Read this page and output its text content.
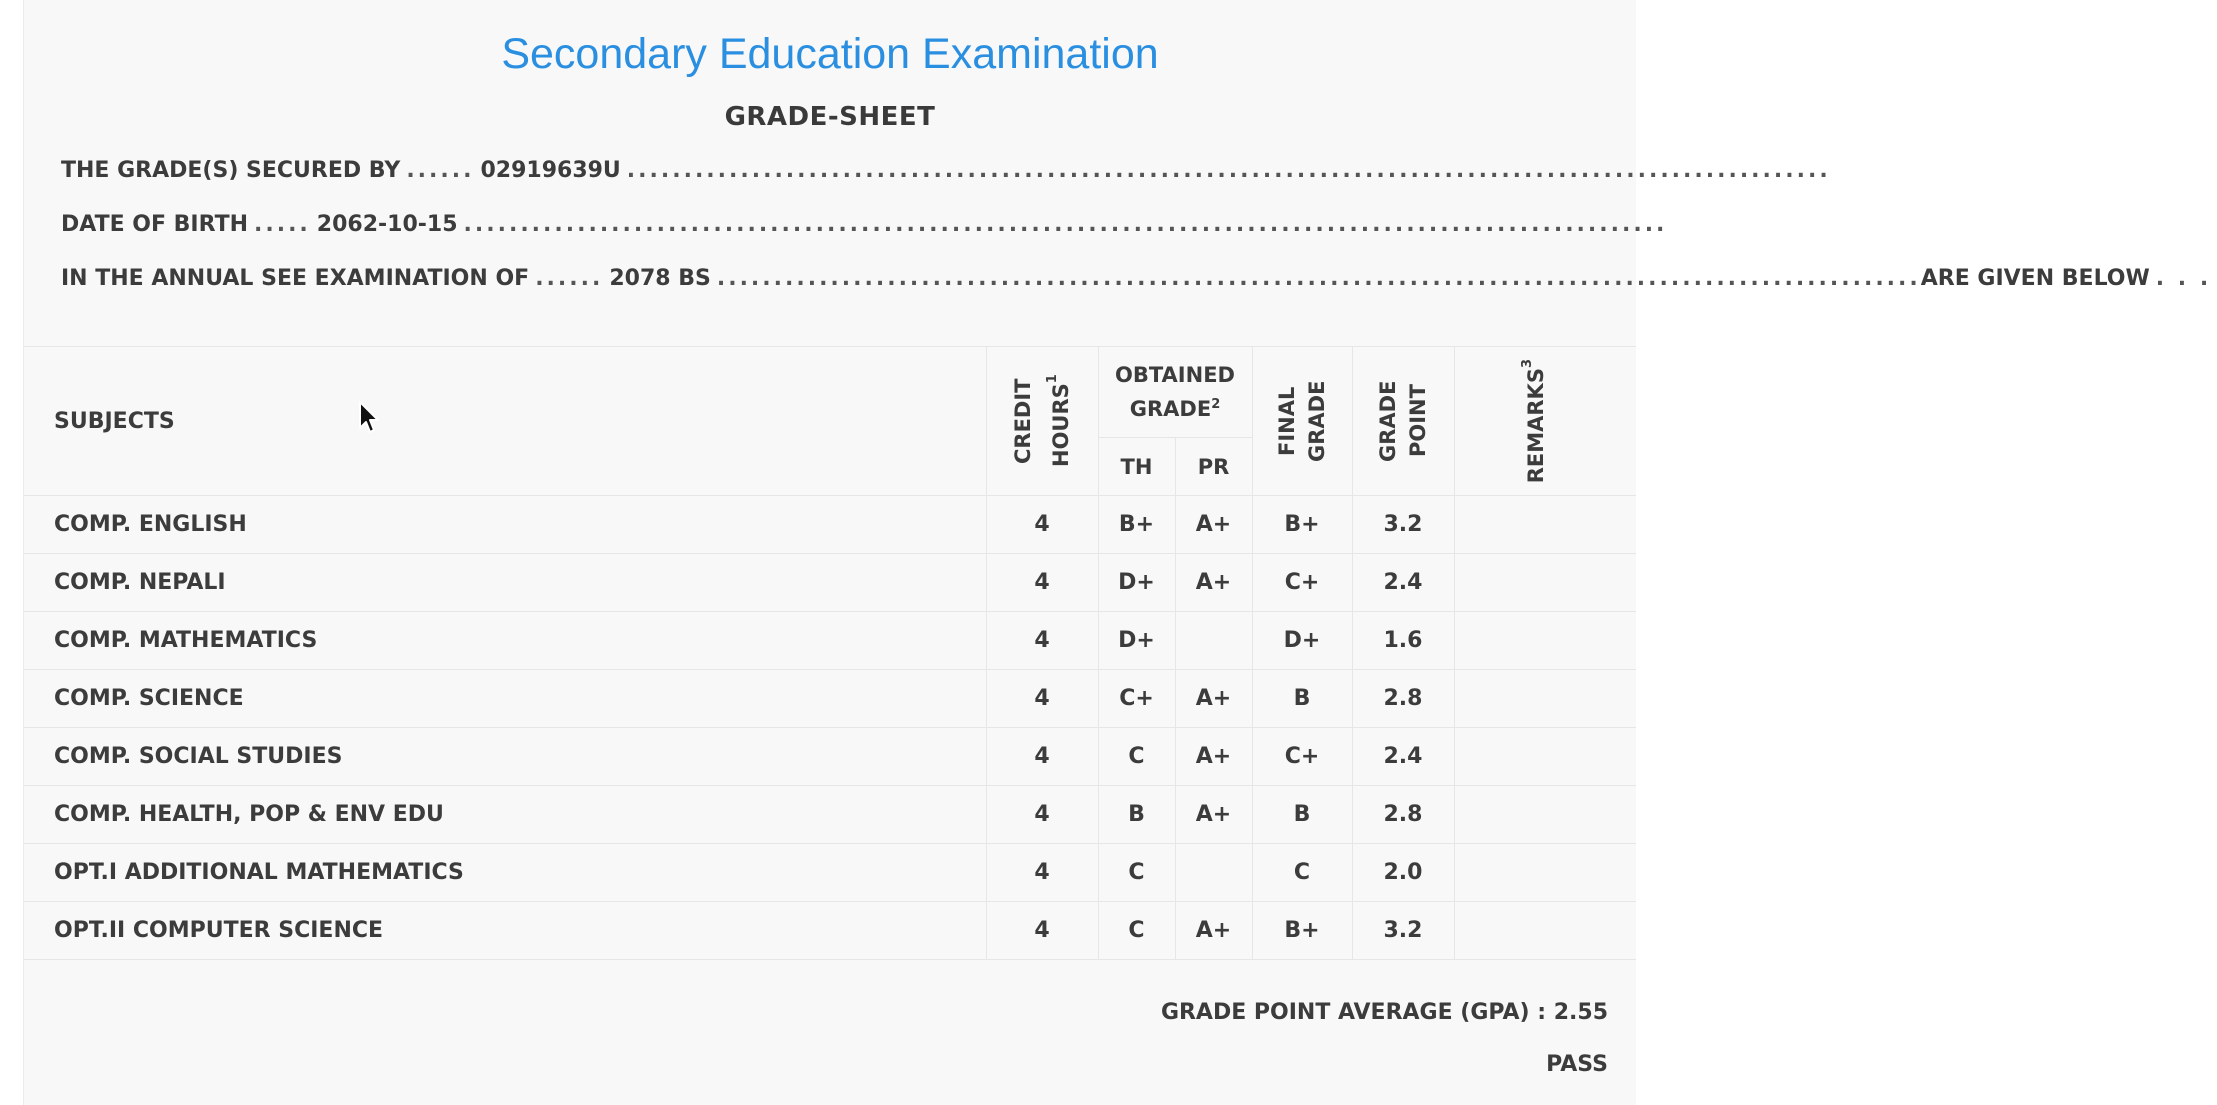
Secondary Education Examination
GRADE-SHEET
THE GRADE(S) SECURED BY ...... 02919639U ..........................................................................................................
DATE OF BIRTH ..... 2062-10-15 ..........................................................................................................
IN THE ANNUAL SEE EXAMINATION OF ...... 2078 BS .......................................................................................................... ARE GIVEN BELOW . . .
SUBJECTS	CREDIT HOURS$^1$	OBTAINED GRADE$^2$		FINAL GRADE	GRADE POINT	REMARKS$^3$

		TH	PR			
COMP. ENGLISH	4	B+	A+	B+	3.2	
COMP. NEPALI	4	D+	A+	C+	2.4	
COMP. MATHEMATICS	4	D+		D+	1.6	
COMP. SCIENCE	4	C+	A+	B	2.8	
COMP. SOCIAL STUDIES	4	C	A+	C+	2.4	
COMP. HEALTH, POP & ENV EDU	4	B	A+	B	2.8	
OPT.I ADDITIONAL MATHEMATICS	4	C		C	2.0	
OPT.II COMPUTER SCIENCE	4	C	A+	B+	3.2	
GRADE POINT AVERAGE (GPA) : 2.55
PASS
